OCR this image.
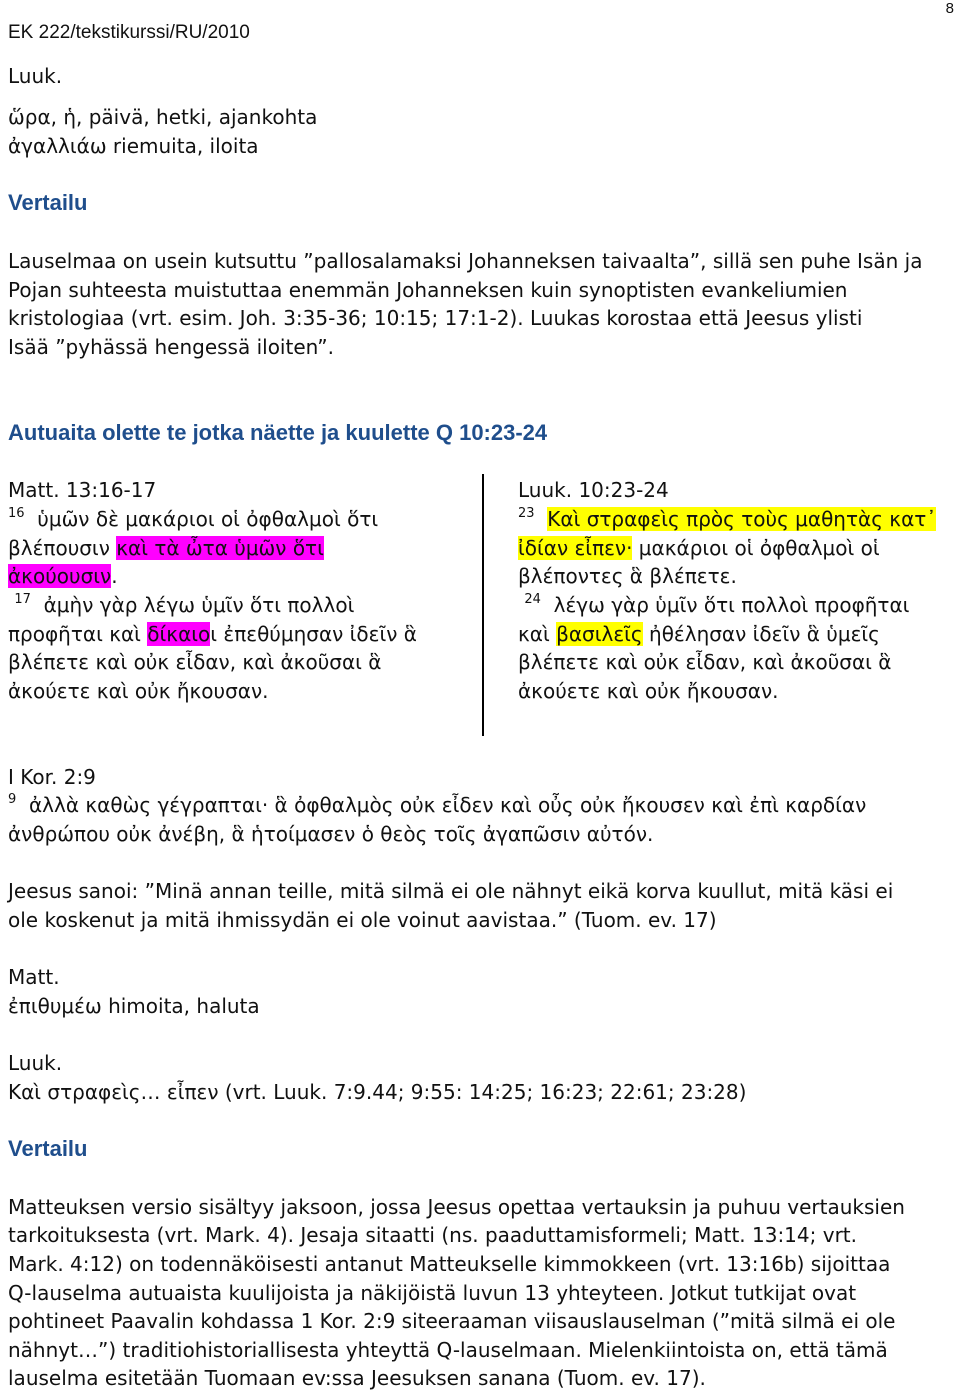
EK 222/tekstikurssi/RU/2010
8
Luuk.
ὥρα, ἡ, päivä, hetki, ajankohta
ἀγαλλιάω riemuita, iloita
Vertailu
Lauselmaa on usein kutsuttu ”pallosalamaksi Johanneksen taivaalta”, sillä sen puhe Isän ja
Pojan suhteesta muistuttaa enemmän Johanneksen kuin synoptisten evankeliumien
kristologiaa (vrt. esim. Joh. 3:35-36; 10:15; 17:1-2). Luukas korostaa että Jeesus ylisti
Isää ”pyhässä hengessä iloiten”.
Autuaita olette te jotka näette ja kuulette Q 10:23-24
Matt. 13:16-17
$^{16}$ ὑμῶν δὲ μακάριοι οἱ ὀφθαλμοὶ ὅτι
βλέπουσιν καὶ τὰ ὦτα ὑμῶν ὅτι
ἀκούουσιν.
$^{17}$ ἀμὴν γὰρ λέγω ὑμῖν ὅτι πολλοὶ
προφῆται καὶ δίκαιοι ἐπεθύμησαν ἰδεῖν ἃ
βλέπετε καὶ οὐκ εἶδαν, καὶ ἀκοῦσαι ἃ
ἀκούετε καὶ οὐκ ἤκουσαν.
Luuk. 10:23-24
$^{23}$ Καὶ στραφεὶς πρὸς τοὺς μαθητὰς κατ᾽
ἰδίαν εἶπεν· μακάριοι οἱ ὀφθαλμοὶ οἱ
βλέποντες ἃ βλέπετε.
$^{24}$ λέγω γὰρ ὑμῖν ὅτι πολλοὶ προφῆται
καὶ βασιλεῖς ἠθέλησαν ἰδεῖν ἃ ὑμεῖς
βλέπετε καὶ οὐκ εἶδαν, καὶ ἀκοῦσαι ἃ
ἀκούετε καὶ οὐκ ἤκουσαν.
I Kor. 2:9
$^9$ ἀλλὰ καθὼς γέγραπται· ἃ ὀφθαλμὸς οὐκ εἶδεν καὶ οὖς οὐκ ἤκουσεν καὶ ἐπὶ καρδίαν
ἀνθρώπου οὐκ ἀνέβη, ἃ ἡτοίμασεν ὁ θεὸς τοῖς ἀγαπῶσιν αὐτόν.
Jeesus sanoi: ”Minä annan teille, mitä silmä ei ole nähnyt eikä korva kuullut, mitä käsi ei
ole koskenut ja mitä ihmissydän ei ole voinut aavistaa.” (Tuom. ev. 17)
Matt.
ἐπιθυμέω himoita, haluta
Luuk.
Καὶ στραφεὶς… εἶπεν (vrt. Luuk. 7:9.44; 9:55: 14:25; 16:23; 22:61; 23:28)
Vertailu
Matteuksen versio sisältyy jaksoon, jossa Jeesus opettaa vertauksin ja puhuu vertauksien
tarkoituksesta (vrt. Mark. 4). Jesaja sitaatti (ns. paaduttamisformeli; Matt. 13:14; vrt.
Mark. 4:12) on todennäköisesti antanut Matteukselle kimmokkeen (vrt. 13:16b) sijoittaa
Q-lauselma autuaista kuulijoista ja näkijöistä luvun 13 yhteyteen. Jotkut tutkijat ovat
pohtineet Paavalin kohdassa 1 Kor. 2:9 siteeraaman viisauslauselman (”mitä silmä ei ole
nähnyt…”) traditiohistoriallisesta yhteyttä Q-lauselmaan. Mielenkiintoista on, että tämä
lauselma esitetään Tuomaan ev:ssa Jeesuksen sanana (Tuom. ev. 17).
